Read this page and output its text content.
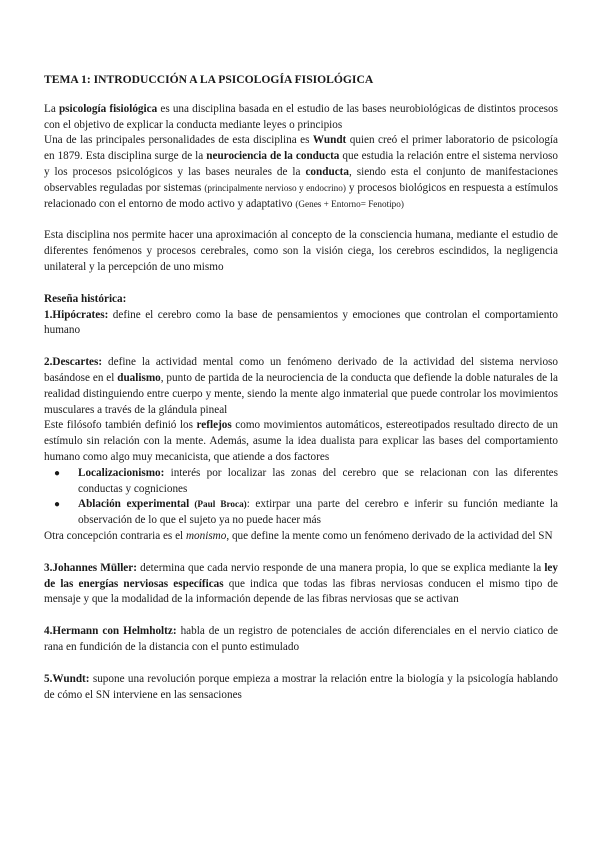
TEMA 1: INTRODUCCIÓN A LA PSICOLOGÍA FISIOLÓGICA

La psicología fisiológica es una disciplina basada en el estudio de las bases neurobiológicas de distintos procesos con el objetivo de explicar la conducta mediante leyes o principios

Una de las principales personalidades de esta disciplina es Wundt quien creó el primer laboratorio de psicología en 1879. Esta disciplina surge de la neurociencia de la conducta que estudia la relación entre el sistema nervioso y los procesos psicológicos y las bases neurales de la conducta, siendo esta el conjunto de manifestaciones observables reguladas por sistemas (principalmente nervioso y endocrino) y procesos biológicos en respuesta a estímulos relacionado con el entorno de modo activo y adaptativo (Genes + Entorno= Fenotipo)

Esta disciplina nos permite hacer una aproximación al concepto de la consciencia humana, mediante el estudio de diferentes fenómenos y procesos cerebrales, como son la visión ciega, los cerebros escindidos, la negligencia unilateral y la percepción de uno mismo

Reseña histórica:

1.Hipócrates: define el cerebro como la base de pensamientos y emociones que controlan el comportamiento humano

2.Descartes: define la actividad mental como un fenómeno derivado de la actividad del sistema nervioso basándose en el dualismo, punto de partida de la neurociencia de la conducta que defiende la doble naturales de la realidad distinguiendo entre cuerpo y mente, siendo la mente algo inmaterial que puede controlar los movimientos musculares a través de la glándula pineal

Este filósofo también definió los reflejos como movimientos automáticos, estereotipados resultado directo de un estímulo sin relación con la mente. Además, asume la idea dualista para explicar las bases del comportamiento humano como algo muy mecanicista, que atiende a dos factores

● Localizacionismo: interés por localizar las zonas del cerebro que se relacionan con las diferentes conductas y cogniciones
● Ablación experimental (Paul Broca): extirpar una parte del cerebro e inferir su función mediante la observación de lo que el sujeto ya no puede hacer más

Otra concepción contraria es el monismo, que define la mente como un fenómeno derivado de la actividad del SN

3.Johannes Müller: determina que cada nervio responde de una manera propia, lo que se explica mediante la ley de las energías nerviosas específicas que indica que todas las fibras nerviosas conducen el mismo tipo de mensaje y que la modalidad de la información depende de las fibras nerviosas que se activan

4.Hermann con Helmholtz: habla de un registro de potenciales de acción diferenciales en el nervio ciatico de rana en fundición de la distancia con el punto estimulado

5.Wundt: supone una revolución porque empieza a mostrar la relación entre la biología y la psicología hablando de cómo el SN interviene en las sensaciones
